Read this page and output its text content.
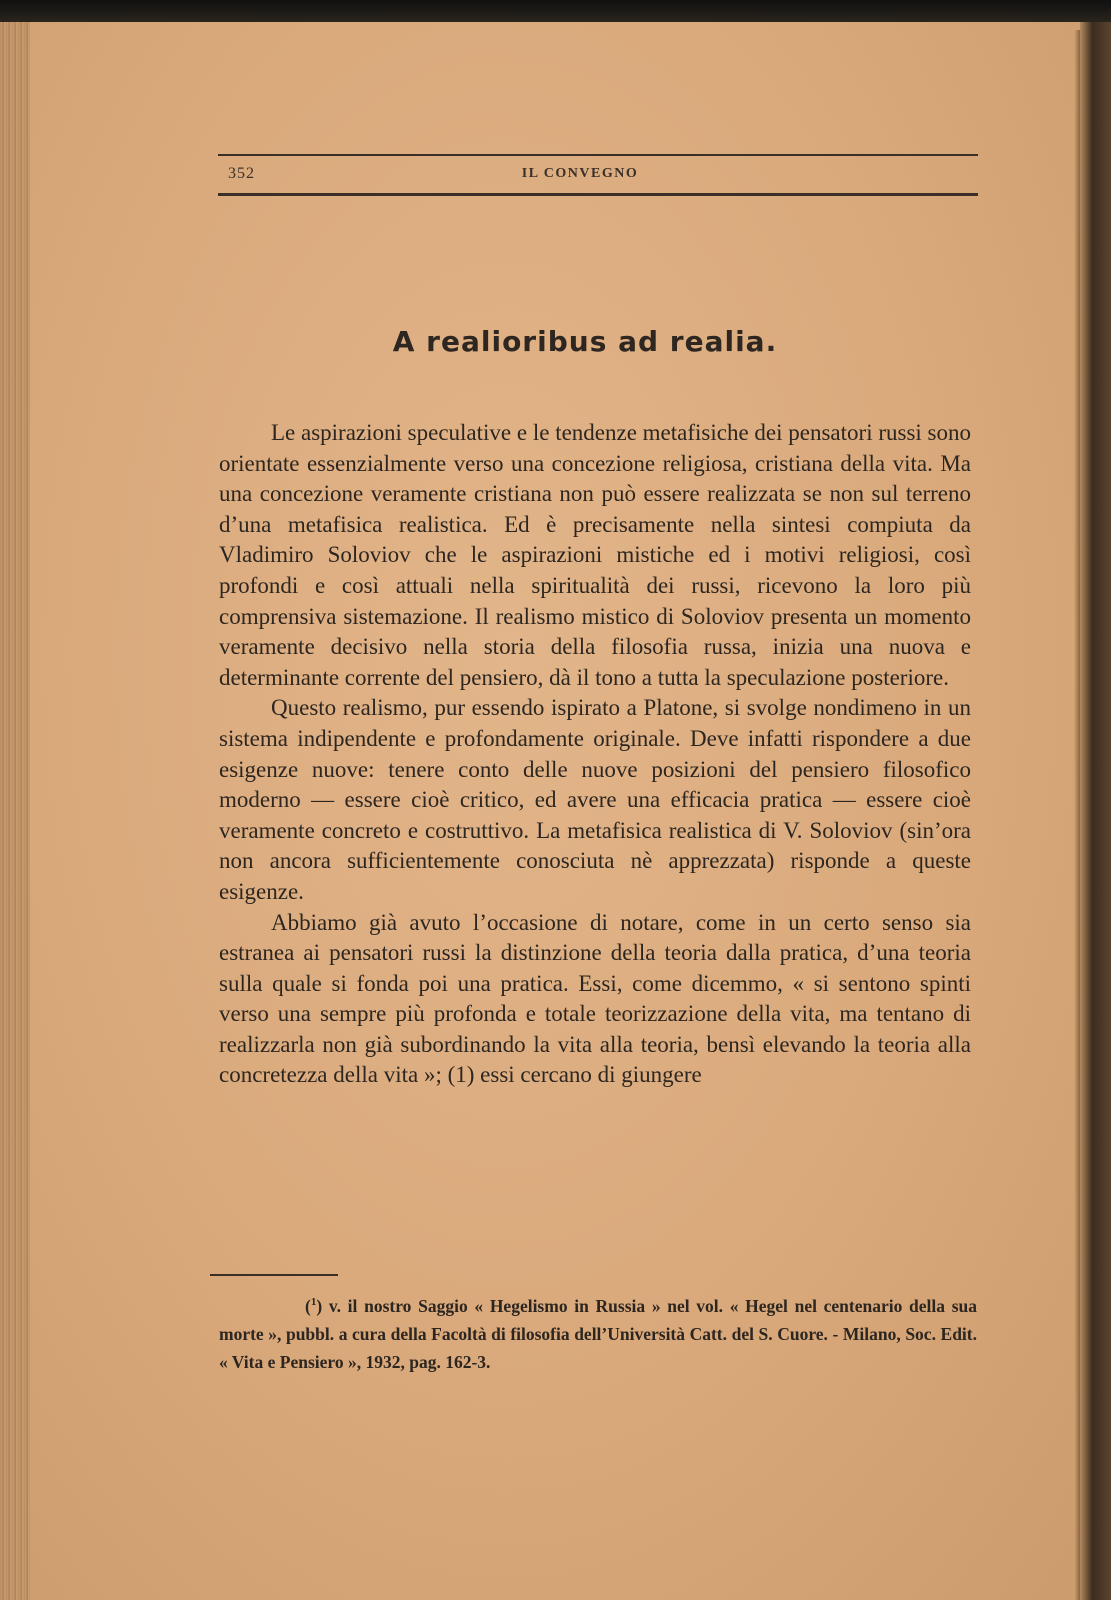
352	IL CONVEGNO
A realioribus ad realia.

Le aspirazioni speculative e le tendenze metafisiche dei pensatori russi sono orientate essenzialmente verso una concezione religiosa, cristiana della vita. Ma una concezione veramente cristiana non può essere realizzata se non sul terreno d’una metafisica realistica. Ed è precisamente nella sintesi compiuta da Vladimiro Soloviov che le aspirazioni mistiche ed i motivi religiosi, così profondi e così attuali nella spiritualità dei russi, ricevono la loro più comprensiva sistemazione. Il realismo mistico di Soloviov presenta un momento veramente decisivo nella storia della filosofia russa, inizia una nuova e determinante corrente del pensiero, dà il tono a tutta la speculazione posteriore.

Questo realismo, pur essendo ispirato a Platone, si svolge nondimeno in un sistema indipendente e profondamente originale. Deve infatti rispondere a due esigenze nuove: tenere conto delle nuove posizioni del pensiero filosofico moderno — essere cioè critico, ed avere una efficacia pratica — essere cioè veramente concreto e costruttivo. La metafisica realistica di V. Soloviov (sin’ora non ancora sufficientemente conosciuta nè apprezzata) risponde a queste esigenze.

Abbiamo già avuto l’occasione di notare, come in un certo senso sia estranea ai pensatori russi la distinzione della teoria dalla pratica, d’una teoria sulla quale si fonda poi una pratica. Essi, come dicemmo, « si sentono spinti verso una sempre più profonda e totale teorizzazione della vita, ma tentano di realizzarla non già subordinando la vita alla teoria, bensì elevando la teoria alla concretezza della vita »; (1) essi cercano di giungere

($^1$) v. il nostro Saggio « Hegelismo in Russia » nel vol. « Hegel nel centenario della sua morte », pubbl. a cura della Facoltà di filosofia dell’Università Catt. del S. Cuore. - Milano, Soc. Edit. « Vita e Pensiero », 1932, pag. 162-3.
